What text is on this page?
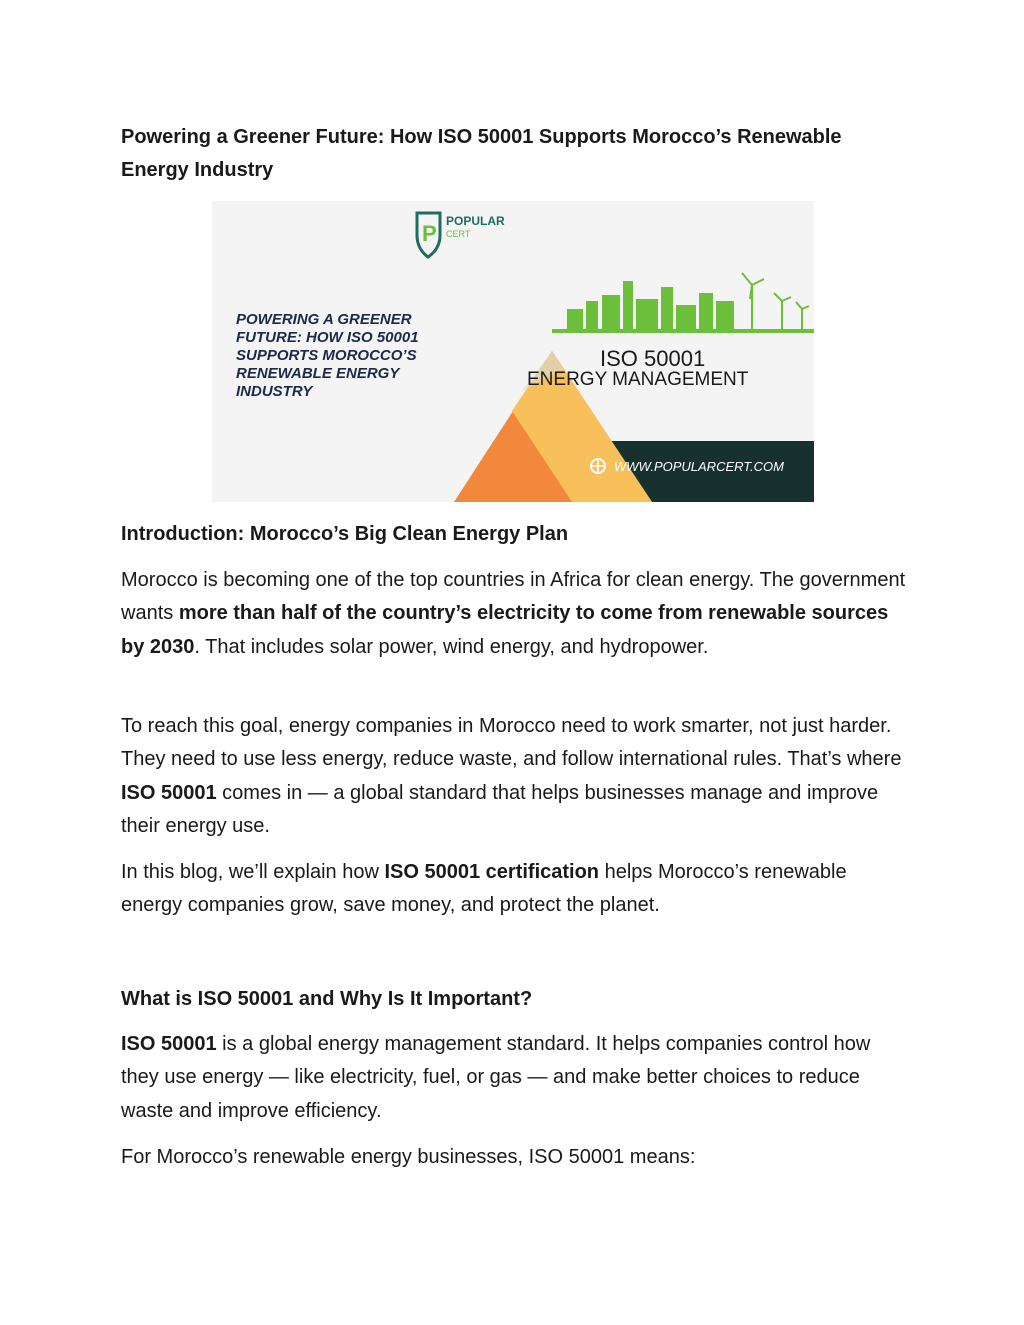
Powering a Greener Future: How ISO 50001 Supports Morocco’s Renewable Energy Industry
P POPULAR
CERT
POWERING A GREENER
FUTURE: HOW ISO 50001
SUPPORTS MOROCCO’S
RENEWABLE ENERGY
INDUSTRY
ISO 50001
ENERGY MANAGEMENT
WWW.POPULARCERT.COM
Introduction: Morocco’s Big Clean Energy Plan

Morocco is becoming one of the top countries in Africa for clean energy. The government wants more than half of the country’s electricity to come from renewable sources by 2030. That includes solar power, wind energy, and hydropower.

To reach this goal, energy companies in Morocco need to work smarter, not just harder. They need to use less energy, reduce waste, and follow international rules. That’s where ISO 50001 comes in — a global standard that helps businesses manage and improve their energy use.

In this blog, we’ll explain how ISO 50001 certification helps Morocco’s renewable energy companies grow, save money, and protect the planet.

What is ISO 50001 and Why Is It Important?

ISO 50001 is a global energy management standard. It helps companies control how they use energy — like electricity, fuel, or gas — and make better choices to reduce waste and improve efficiency.

For Morocco’s renewable energy businesses, ISO 50001 means:
